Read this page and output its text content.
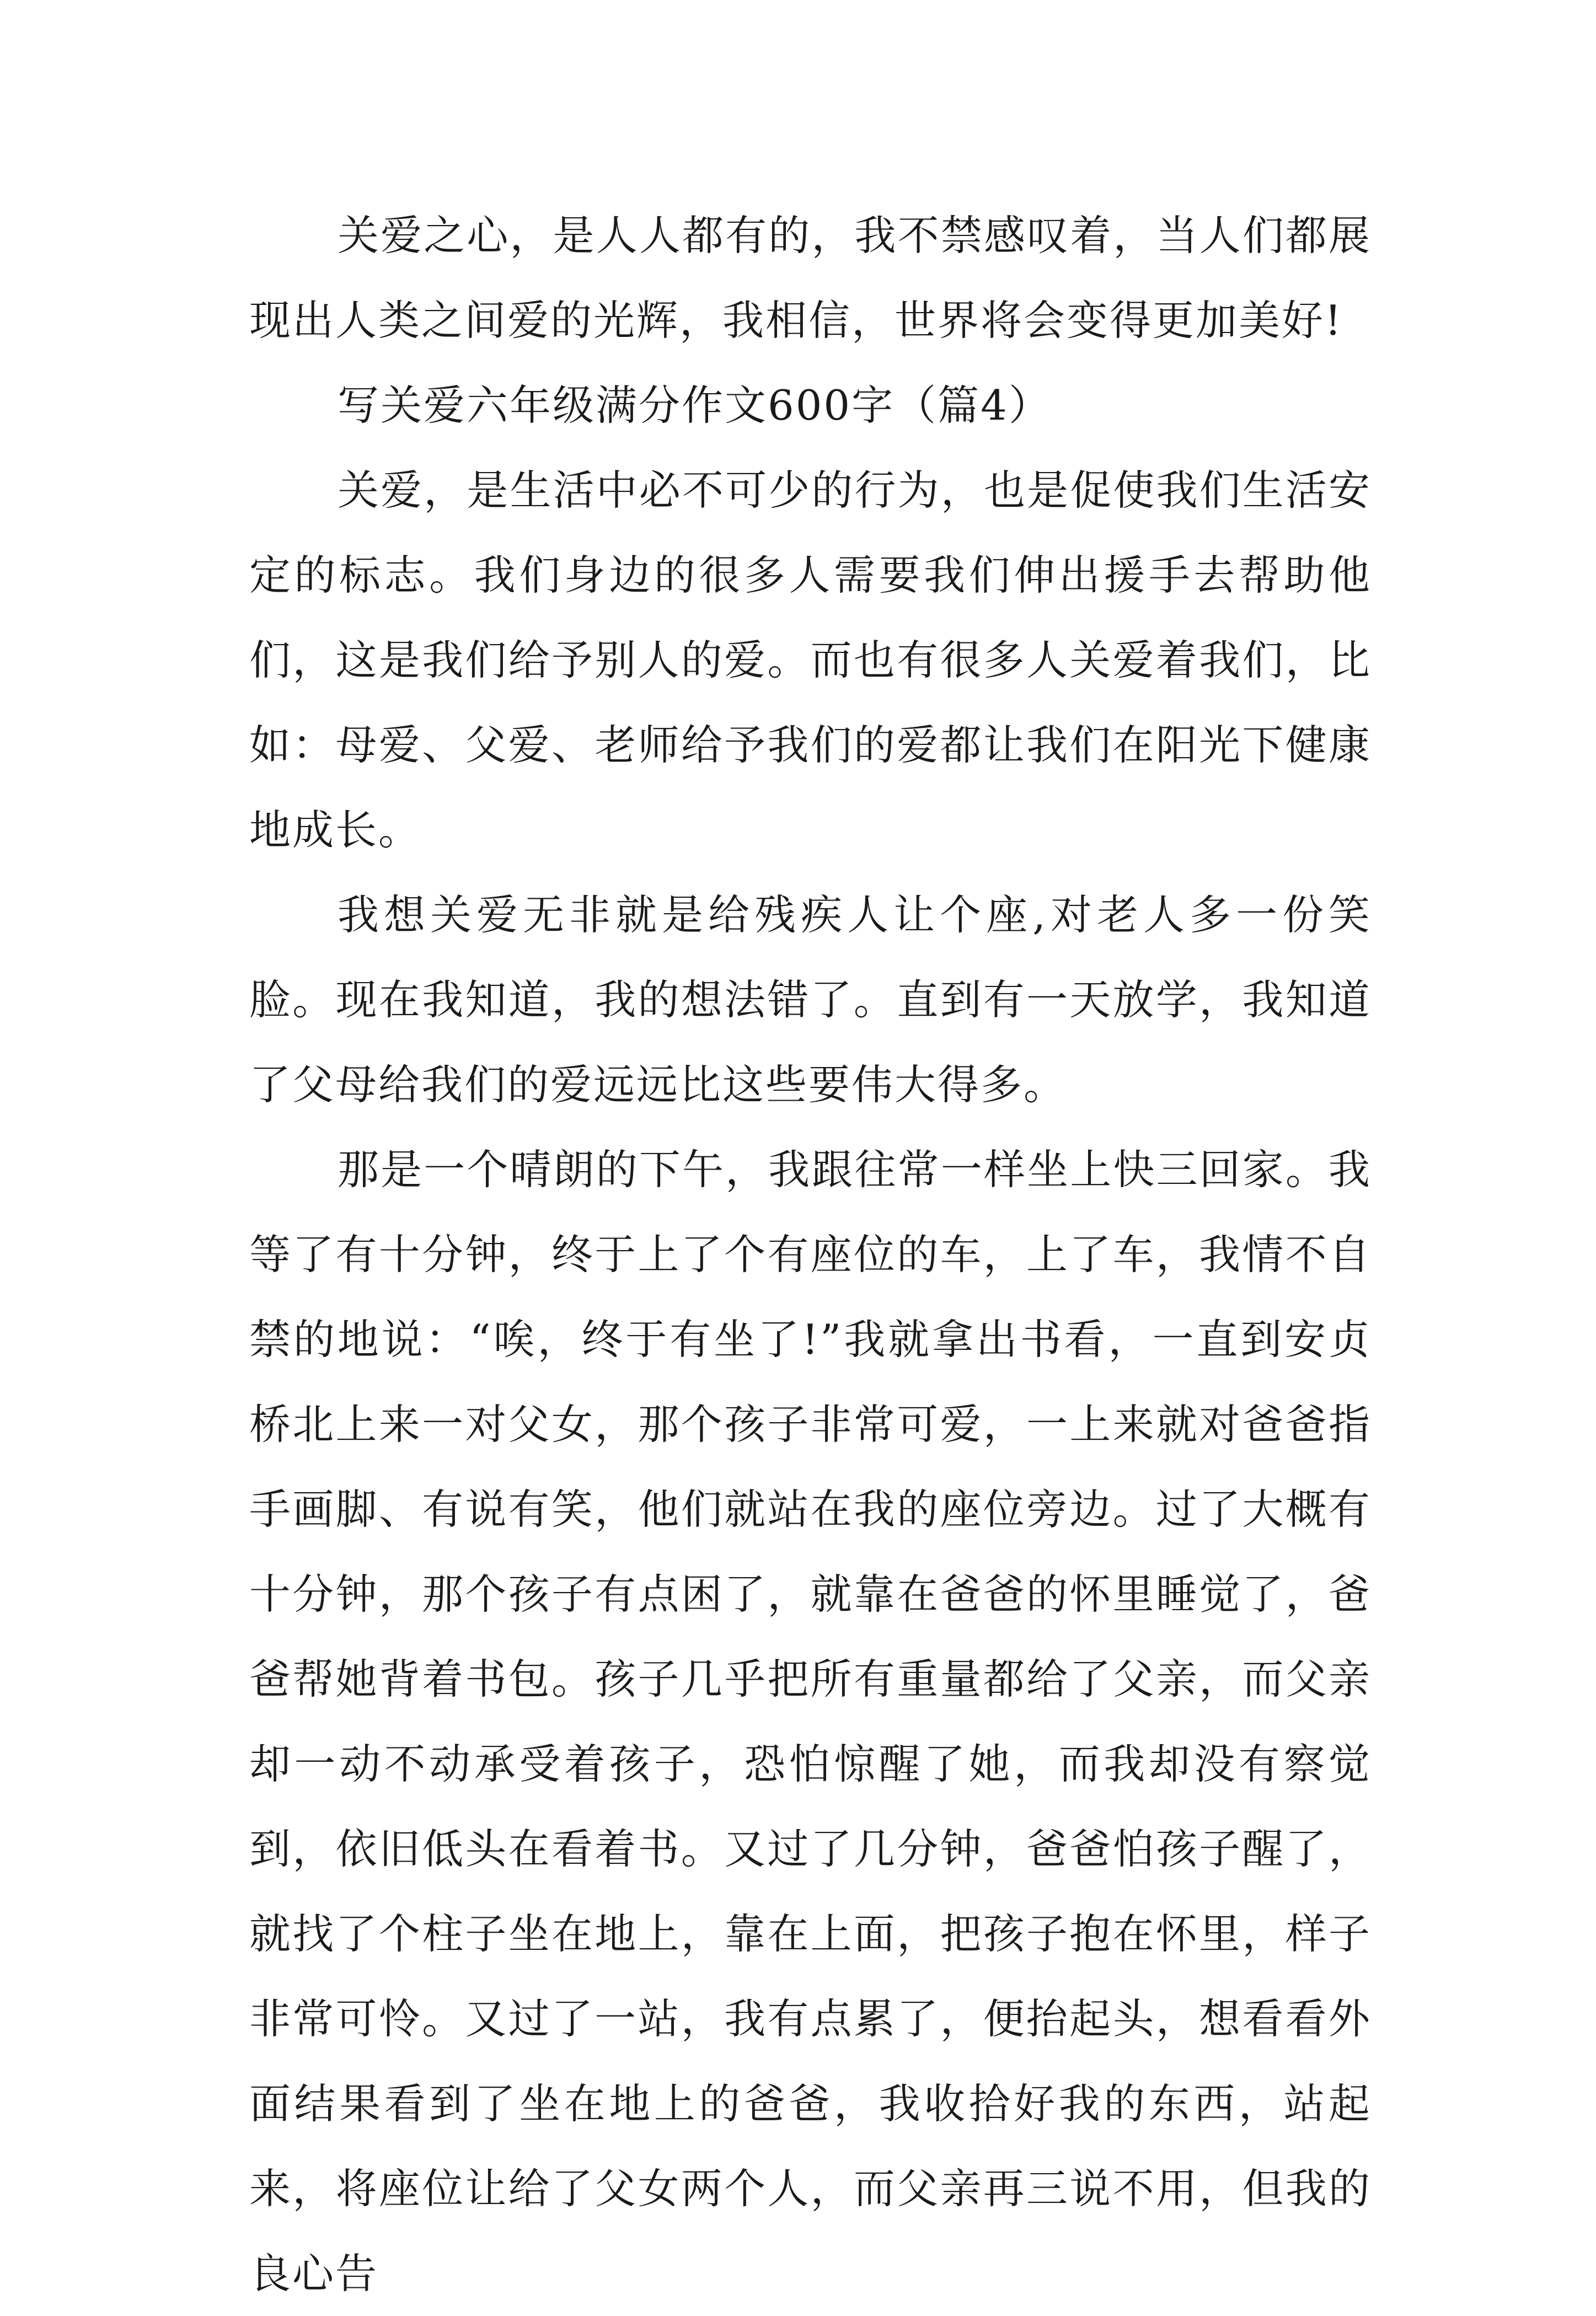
关爱之心，是人人都有的，我不禁感叹着，当人们都展现出人类之间爱的光辉，我相信，世界将会变得更加美好!

写关爱六年级满分作文600字（篇4）

关爱，是生活中必不可少的行为，也是促使我们生活安定的标志。我们身边的很多人需要我们伸出援手去帮助他们，这是我们给予别人的爱。而也有很多人关爱着我们，比如：母爱、父爱、老师给予我们的爱都让我们在阳光下健康地成长。

我想关爱无非就是给残疾人让个座,对老人多一份笑脸。现在我知道，我的想法错了。直到有一天放学，我知道了父母给我们的爱远远比这些要伟大得多。

那是一个晴朗的下午，我跟往常一样坐上快三回家。我等了有十分钟，终于上了个有座位的车，上了车，我情不自禁的地说：“唉，终于有坐了!”我就拿出书看，一直到安贞桥北上来一对父女，那个孩子非常可爱，一上来就对爸爸指手画脚、有说有笑，他们就站在我的座位旁边。过了大概有十分钟，那个孩子有点困了，就靠在爸爸的怀里睡觉了，爸爸帮她背着书包。孩子几乎把所有重量都给了父亲，而父亲却一动不动承受着孩子，恐怕惊醒了她，而我却没有察觉到，依旧低头在看着书。又过了几分钟，爸爸怕孩子醒了，就找了个柱子坐在地上，靠在上面，把孩子抱在怀里，样子非常可怜。又过了一站，我有点累了，便抬起头，想看看外面结果看到了坐在地上的爸爸，我收拾好我的东西，站起来，将座位让给了父女两个人，而父亲再三说不用，但我的良心告
